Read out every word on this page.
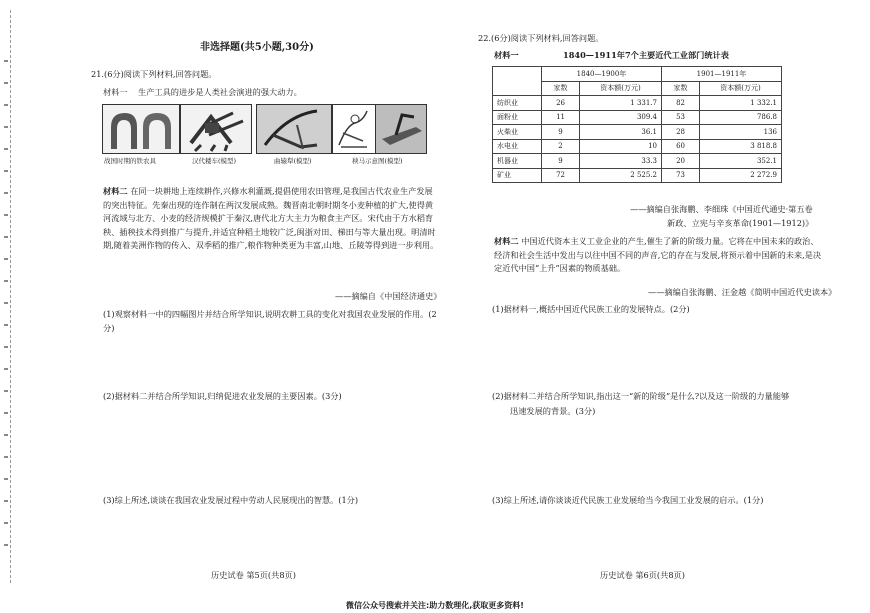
非选择题(共5小题,30分)
21.(6分)阅读下列材料,回答问题。
材料一 生产工具的进步是人类社会演进的强大动力。
战国时期的铁农具	汉代耧车(模型)	曲辕犁(模型)	秧马示意图(模型)
材料二 在同一块耕地上连续耕作,兴修水利灌溉,提倡使用农田管理,是我国古代农业生产发展的突出特征。先秦出现的连作制在两汉发展成熟。魏晋南北朝时期冬小麦种植的扩大,使得黄河流域与北方、小麦的经济规模扩于秦汉,唐代北方大主力为粮食主产区。宋代由于方水稻育秧、插秧技术得到推广与提升,并适宜种稻土地较广泛,闽浙对田、梯田与等大量出现。明清时期,随着美洲作物的传入、双季稻的推广,粮作物种类更为丰富,山地、丘陵等得到进一步利用。
——摘编自《中国经济通史》
(1)观察材料一中的四幅图片并结合所学知识,说明农耕工具的变化对我国农业发展的作用。(2分)
(2)据材料二并结合所学知识,归纳促进农业发展的主要因素。(3分)
(3)综上所述,谈谈在我国农业发展过程中劳动人民展现出的智慧。(1分)
历史试卷 第5页(共8页)
22.(6分)阅读下列材料,回答问题。
材料一	1840—1911年7个主要近代工业部门统计表
	1840—1900年		1901—1911年	
	家数	资本额(万元)	家数	资本额(万元)
纺织业	26	1 331.7	82	1 332.1
面粉业	11	309.4	53	786.8
火柴业	9	36.1	28	136
水电业	2	10	60	3 818.8
机器业	9	33.3	20	352.1
矿业	72	2 525.2	73	2 272.9
——摘编自张海鹏、李细珠《中国近代通史·第五卷
新政、立宪与辛亥革命(1901—1912)》
材料二 中国近代资本主义工业企业的产生,催生了新的阶级力量。它将在中国未来的政治、经济和社会生活中发出与以往中国不同的声音,它的存在与发展,将预示着中国新的未来,是决定近代中国“上升”因素的物质基础。
——摘编自张海鹏、汪金越《简明中国近代史读本》
(1)据材料一,概括中国近代民族工业的发展特点。(2分)
(2)据材料二并结合所学知识,指出这一“新的阶级”是什么?以及这一阶级的力量能够
迅速发展的背景。(3分)
(3)综上所述,请你谈谈近代民族工业发展给当今我国工业发展的启示。(1分)
历史试卷 第6页(共8页)
微信公众号搜索并关注:助力数理化,获取更多资料!
